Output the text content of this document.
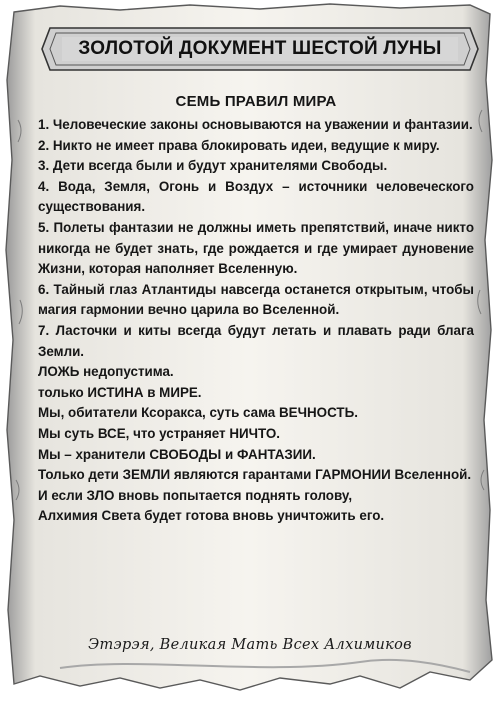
ЗОЛОТОЙ ДОКУМЕНТ ШЕСТОЙ ЛУНЫ
СЕМЬ ПРАВИЛ МИРА

1. Человеческие законы основываются на уважении и фантазии.

2. Никто не имеет права блокировать идеи, ведущие к миру.

3. Дети всегда были и будут хранителями Свободы.

4. Вода, Земля, Огонь и Воздух – источники человеческого существования.

5. Полеты фантазии не должны иметь препятствий, иначе никто никогда не будет знать, где рождается и где умирает дуновение Жизни, которая наполняет Вселенную.

6. Тайный глаз Атлантиды навсегда останется открытым, чтобы магия гармонии вечно царила во Вселенной.

7. Ласточки и киты всегда будут летать и плавать ради блага Земли.

ЛОЖЬ недопустима.

только ИСТИНА в МИРЕ.

Мы, обитатели Ксоракса, суть сама ВЕЧНОСТЬ.

Мы суть ВСЕ, что устраняет НИЧТО.

Мы – хранители СВОБОДЫ и ФАНТАЗИИ.

Только дети ЗЕМЛИ являются гарантами ГАРМОНИИ Вселенной.

И если ЗЛО вновь попытается поднять голову,

Алхимия Света будет готова вновь уничтожить его.

Этэрэя, Великая Мать Всех Алхимиков
